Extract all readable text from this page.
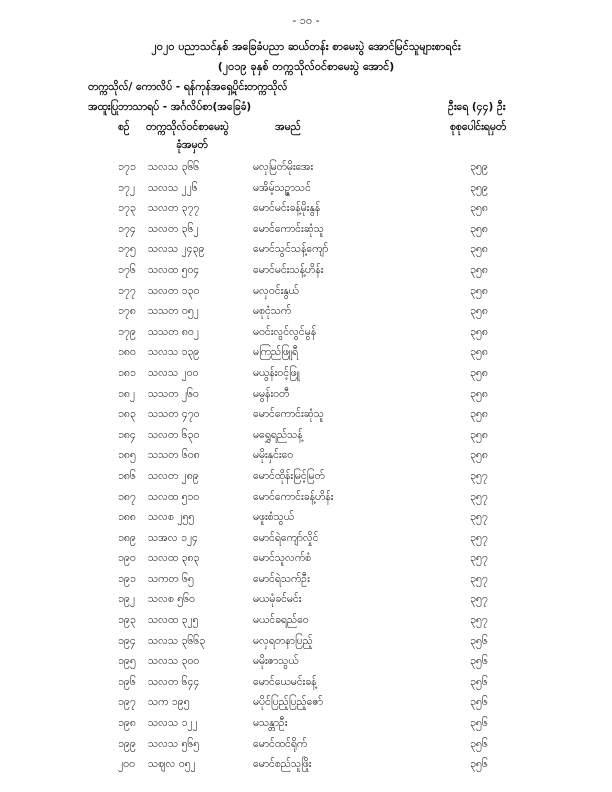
- ၁၀ -
၂၀၂၀ ပညာသင်နှစ် အခြေခံပညာ ဆယ်တန်း စာမေးပွဲ အောင်မြင်သူများစာရင်း
(၂၀၁၉ ခုနှစ် တက္ကသိုလ်ဝင်စာမေးပွဲ အောင်)
တက္ကသိုလ်/ ကောလိပ် - ရန်ကုန်အရှေ့ပိုင်းတက္ကသိုလ်
အထူးပြုဘာသာရပ် - အင်္ဂလိပ်စာ(အခြေခံ)	ဦးရေ (၄၄) ဦး
စဉ် တက္ကသိုလ်ဝင်စာမေးပွဲ
ခုံအမှတ်
အမည်	စုစုပေါင်းရမှတ်
၁၇၁ သလသ ၃၆၆	မလှမြတ်မိုးအေး	၃၅၉
၁၇၂ သလသ ၂၂၆	မအိမ့်သဉ္ဇာသင်	၃၅၉
၁၇၃ သလတ ၃၇၇	မောင်မင်းခန့်မိုးနွန်	၃၅၈
၁၇၄ သလတ ၃၆၂	မောင်ကောင်းဆုံသူ	၃၅၈
၁၇၅ သလသ ၂၄၃၉	မောင်သွင်သန့်ကျော်	၃၅၈
၁၇၆ သလထ ၅၀၄	မောင်မင်းသန့်ဟိန်း	၃၅၈
၁၇၇ သလတ ၁၃၀	မလှဝင်းနွယ်	၃၅၈
၁၇၈ သသတ ၀၅၂	မစုငုံသက်	၃၅၈
၁၇၉ သသတ ၈၀၂	မဝင်းလွင်လွင်မွန်	၃၅၈
၁၈၀ သလသ ၁၃၉	မကြည်ဖြူရီ	၃၅၈
၁၈၁ သလသ ၂၀၀	မယွန်းဝင့်ဖြူ	၃၅၈
၁၈၂ သသတ ၂၆၀	မမွန်းဝတီ	၃၅၈
၁၈၃ သသတ ၄၇၀	မောင်ကောင်းဆုံသူ	၃၅၈
၁၈၄ သလတ ၆၃၀	မရွှေရည်သန့်	၃၅၈
၁၈၅ သသတ ၆၀၈	မမိုးနှင်းဝေ	၃၅၈
၁၈၆ သလတ ၂၈၉	မောင်ထိုန်းမြင့်မြတ်	၃၅၇
၁၈၇ သလထ ၅၁၀	မောင်ကောင်းခန့်ဟိန်း	၃၅၇
၁၈၈ သလစ ၂၅၅	မဖူးစံသွယ်	၃၅၇
၁၈၉ သအလ ၁၂၄	မောင်ရဲကျော်လှိုင်	၃၅၇
၁၉၀ သလထ ၃၈၃	မောင်သူလက်စံ	၃၅၇
၁၉၁ သကတ ၆၅	မောင်ရဲသက်ဦး	၃၅၇
၁၉၂ သလစ ၅၆၀	မယမုံခင်မင်း	၃၅၇
၁၉၃ သလထ ၃၂၅	မယင်ခရည်ဝေ	၃၅၇
၁၉၄ သလသ ၃၆၆၃	မလှရတနာပြည့်	၃၅၆
၁၉၅ သလသ ၃၀၀	မမိုးဇာသွယ်	၃၅၆
၁၉၆ သလတ ၆၄၄	မောင်ယေမင်းခန့်	၃၅၆
၁၉၇ သက ၁၉၅	မပိုင်ပြည့်ပြည့်ဇော်	၃၅၆
၁၉၈ သလသ ၁၂၂	မသန္တာဦး	၃၅၆
၁၉၉ သလသ ၅၆၅	မောင်ထင်ရိုက်	၃၅၆
၂၀၀ သဈလ ၀၅၂	မောင်စည်သူဖြိုး	၃၅၆
